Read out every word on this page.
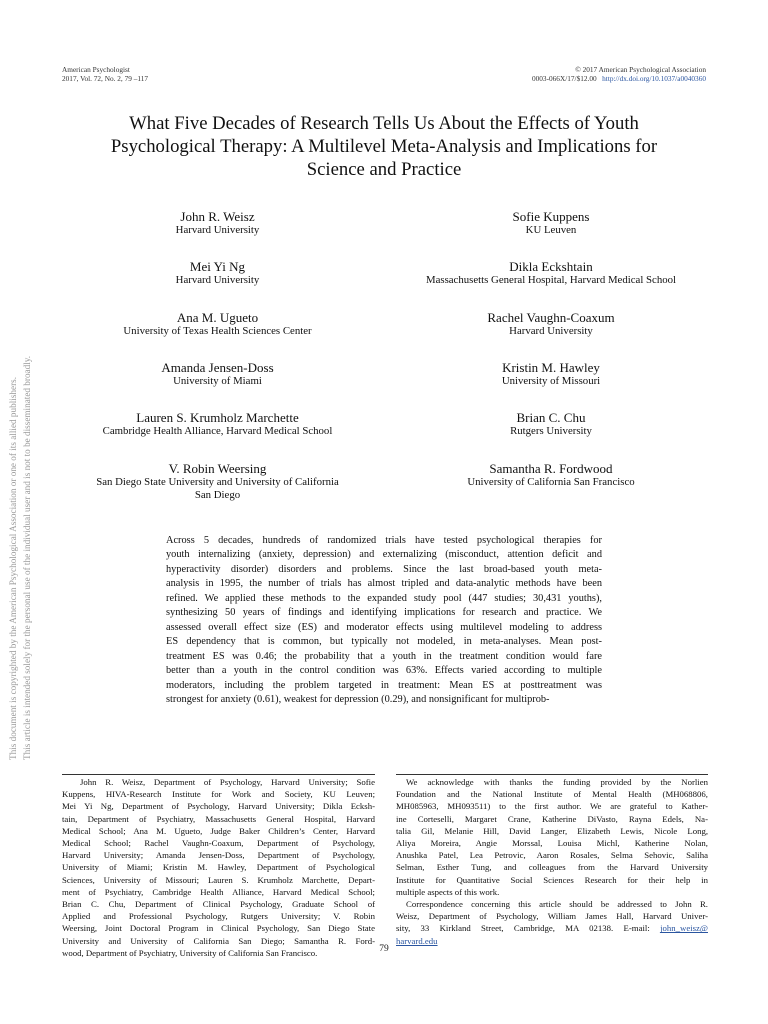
American Psychologist
2017, Vol. 72, No. 2, 79 –117
© 2017 American Psychological Association
0003-066X/17/$12.00 http://dx.doi.org/10.1037/a0040360
What Five Decades of Research Tells Us About the Effects of Youth
Psychological Therapy: A Multilevel Meta-Analysis and Implications for
Science and Practice
John R. Weisz
Harvard University
Mei Yi Ng
Harvard University
Ana M. Ugueto
University of Texas Health Sciences Center
Amanda Jensen-Doss
University of Miami
Lauren S. Krumholz Marchette
Cambridge Health Alliance, Harvard Medical School
V. Robin Weersing
San Diego State University and University of California
San Diego
Sofie Kuppens
KU Leuven
Dikla Eckshtain
Massachusetts General Hospital, Harvard Medical School
Rachel Vaughn-Coaxum
Harvard University
Kristin M. Hawley
University of Missouri
Brian C. Chu
Rutgers University
Samantha R. Fordwood
University of California San Francisco
Across 5 decades, hundreds of randomized trials have tested psychological therapies for
youth internalizing (anxiety, depression) and externalizing (misconduct, attention deficit and
hyperactivity disorder) disorders and problems. Since the last broad-based youth meta-
analysis in 1995, the number of trials has almost tripled and data-analytic methods have been
refined. We applied these methods to the expanded study pool (447 studies; 30,431 youths),
synthesizing 50 years of findings and identifying implications for research and practice. We
assessed overall effect size (ES) and moderator effects using multilevel modeling to address
ES dependency that is common, but typically not modeled, in meta-analyses. Mean post-
treatment ES was 0.46; the probability that a youth in the treatment condition would fare
better than a youth in the control condition was 63%. Effects varied according to multiple
moderators, including the problem targeted in treatment: Mean ES at posttreatment was
strongest for anxiety (0.61), weakest for depression (0.29), and nonsignificant for multiprob-
This document is copyrighted by the American Psychological Association or one of its allied publishers. This article is intended solely for the personal use of the individual user and is not to be disseminated broadly.
John R. Weisz, Department of Psychology, Harvard University; Sofie
Kuppens, HIVA-Research Institute for Work and Society, KU Leuven;
Mei Yi Ng, Department of Psychology, Harvard University; Dikla Ecksh-
tain, Department of Psychiatry, Massachusetts General Hospital, Harvard
Medical School; Ana M. Ugueto, Judge Baker Children’s Center, Harvard
Medical School; Rachel Vaughn-Coaxum, Department of Psychology,
Harvard University; Amanda Jensen-Doss, Department of Psychology,
University of Miami; Kristin M. Hawley, Department of Psychological
Sciences, University of Missouri; Lauren S. Krumholz Marchette, Depart-
ment of Psychiatry, Cambridge Health Alliance, Harvard Medical School;
Brian C. Chu, Department of Clinical Psychology, Graduate School of
Applied and Professional Psychology, Rutgers University; V. Robin
Weersing, Joint Doctoral Program in Clinical Psychology, San Diego State
University and University of California San Diego; Samantha R. Ford-
wood, Department of Psychiatry, University of California San Francisco.
We acknowledge with thanks the funding provided by the Norlien
Foundation and the National Institute of Mental Health (MH068806,
MH085963, MH093511) to the first author. We are grateful to Kather-
ine Corteselli, Margaret Crane, Katherine DiVasto, Rayna Edels, Na-
talia Gil, Melanie Hill, David Langer, Elizabeth Lewis, Nicole Long,
Aliya Moreira, Angie Morssal, Louisa Michl, Katherine Nolan,
Anushka Patel, Lea Petrovic, Aaron Rosales, Selma Sehovic, Saliha
Selman, Esther Tung, and colleagues from the Harvard University
Institute for Quantitative Social Sciences Research for their help in
multiple aspects of this work.
Correspondence concerning this article should be addressed to John R.
Weisz, Department of Psychology, William James Hall, Harvard Univer-
sity, 33 Kirkland Street, Cambridge, MA 02138. E-mail: john_weisz@
harvard.edu
79
